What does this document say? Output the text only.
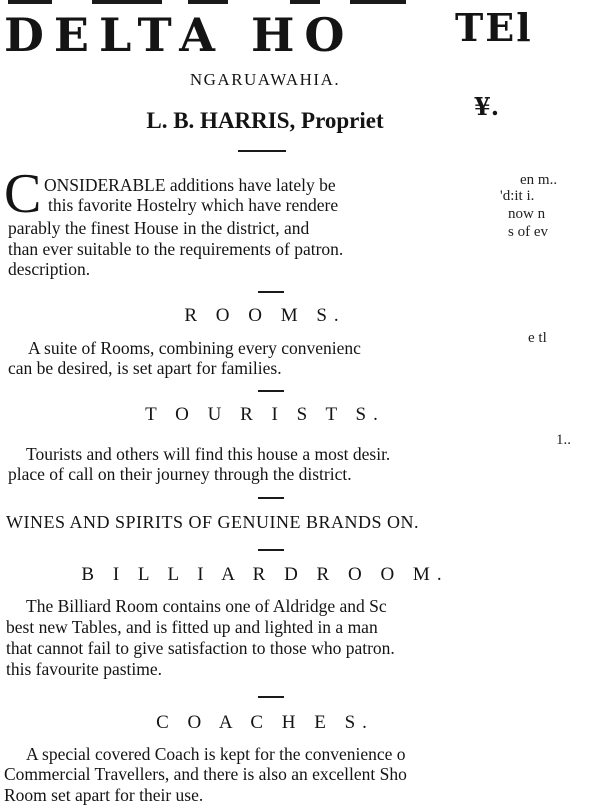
DELTA HO	TEl
NGARUAWAHIA.
L. B. HARRIS, Propriet
C ONSIDERABLE additions have lately be
this favorite Hostelry which have rendere
parably the finest House in the district, and
than ever suitable to the requirements of patron.
description.
R O O M S.
A suite of Rooms, combining every convenienc
can be desired, is set apart for families.
T O U R I S T S.
Tourists and others will find this house a most desir.
place of call on their journey through the district.
WINES AND SPIRITS OF GENUINE BRANDS ON.
B I L L I A R D R O O M.
The Billiard Room contains one of Aldridge and Sc
best new Tables, and is fitted up and lighted in a man
that cannot fail to give satisfaction to those who patron.
this favourite pastime.
C O A C H E S.
A special covered Coach is kept for the convenience o
Commercial Travellers, and there is also an excellent Sho
Room set apart for their use.
¥.
en m..
'd:it i.
now n
s of ev
e tl
1..
